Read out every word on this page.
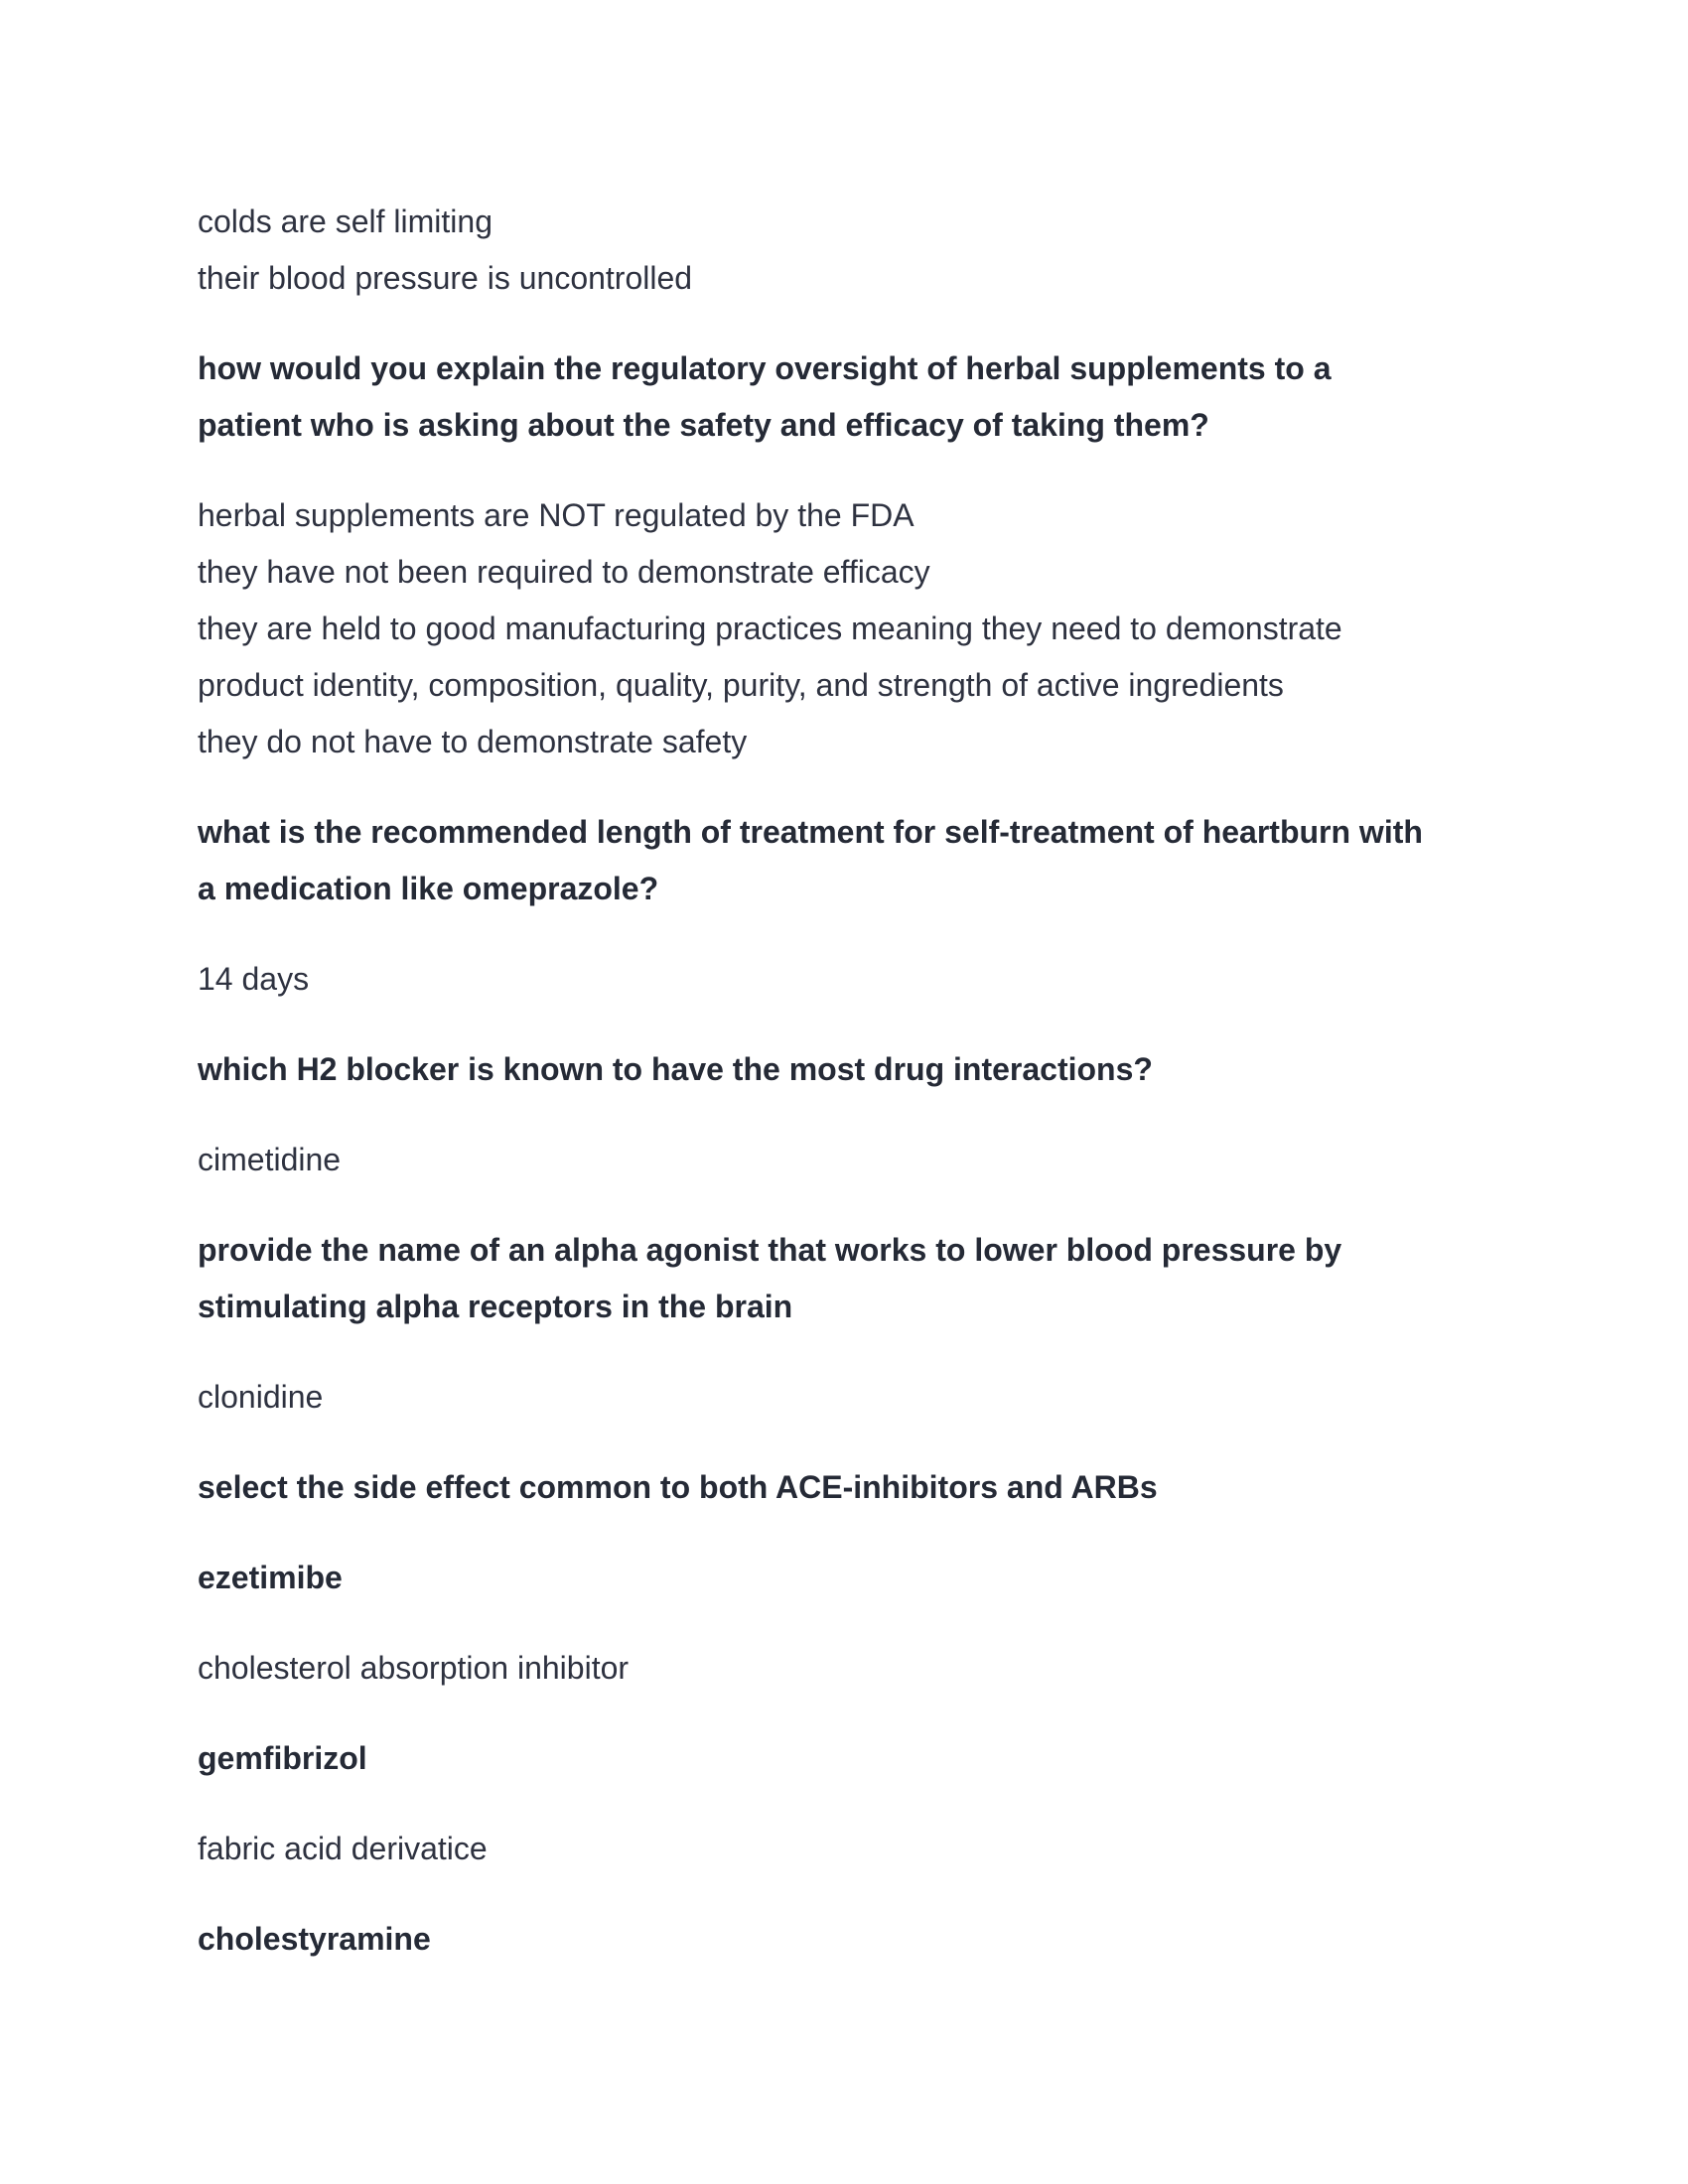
colds are self limiting
their blood pressure is uncontrolled
how would you explain the regulatory oversight of herbal supplements to a
patient who is asking about the safety and efficacy of taking them?
herbal supplements are NOT regulated by the FDA
they have not been required to demonstrate efficacy
they are held to good manufacturing practices meaning they need to demonstrate
product identity, composition, quality, purity, and strength of active ingredients
they do not have to demonstrate safety
what is the recommended length of treatment for self-treatment of heartburn with
a medication like omeprazole?
14 days
which H2 blocker is known to have the most drug interactions?
cimetidine
provide the name of an alpha agonist that works to lower blood pressure by
stimulating alpha receptors in the brain
clonidine
select the side effect common to both ACE-inhibitors and ARBs
ezetimibe
cholesterol absorption inhibitor
gemfibrizol
fabric acid derivatice
cholestyramine
